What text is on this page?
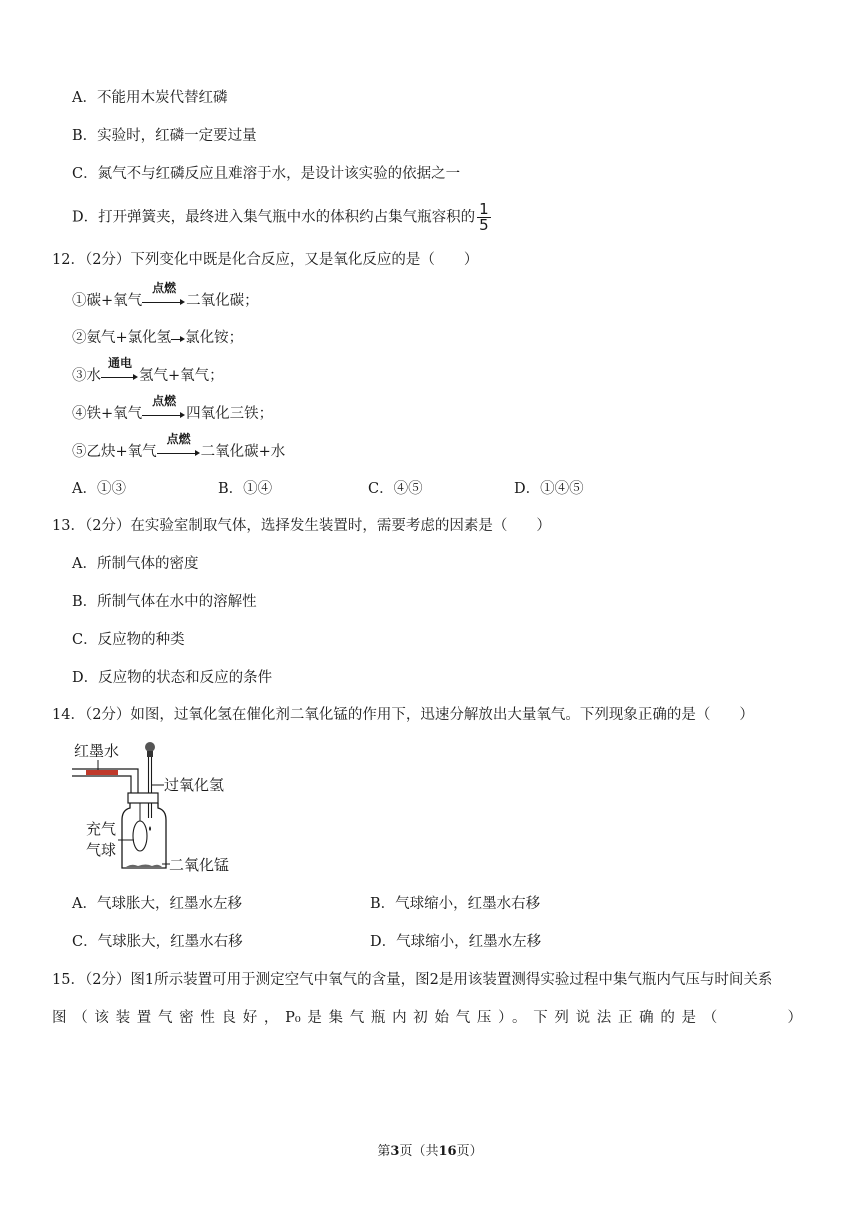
A．不能用木炭代替红磷
B．实验时，红磷一定要过量
C．氮气不与红磷反应且难溶于水，是设计该实验的依据之一
D．打开弹簧夹，最终进入集气瓶中水的体积约占集气瓶容积的 $\frac{1}{5}$
12．（2分）下列变化中既是化合反应，又是氧化反应的是（　　）
①碳+氧气
点燃
二氧化碳；
②氨气+氯化氢 氯化铵；
③水
通电
氢气+氧气；
④铁+氧气
点燃
四氧化三铁；
⑤乙炔+氧气
点燃
二氧化碳+水
A．①③	B．①④	C．④⑤	D．①④⑤
13．（2分）在实验室制取气体，选择发生装置时，需要考虑的因素是（　　）
A．所制气体的密度
B．所制气体在水中的溶解性
C．反应物的种类
D．反应物的状态和反应的条件
14．（2分）如图，过氧化氢在催化剂二氧化锰的作用下，迅速分解放出大量氧气。下列现象正确的是（　　）
红墨水
过氧化氢
充气
气球
二氧化锰
A．气球胀大，红墨水左移	B．气球缩小，红墨水右移
C．气球胀大，红墨水右移	D．气球缩小，红墨水左移
15．（2分）图1所示装置可用于测定空气中氧气的含量，图2是用该装置测得实验过程中集气瓶内气压与时间关系
图（该装置气密性良好，P₀是集气瓶内初始气压）。下列说法正确的是（　　　）
第3页（共16页）
